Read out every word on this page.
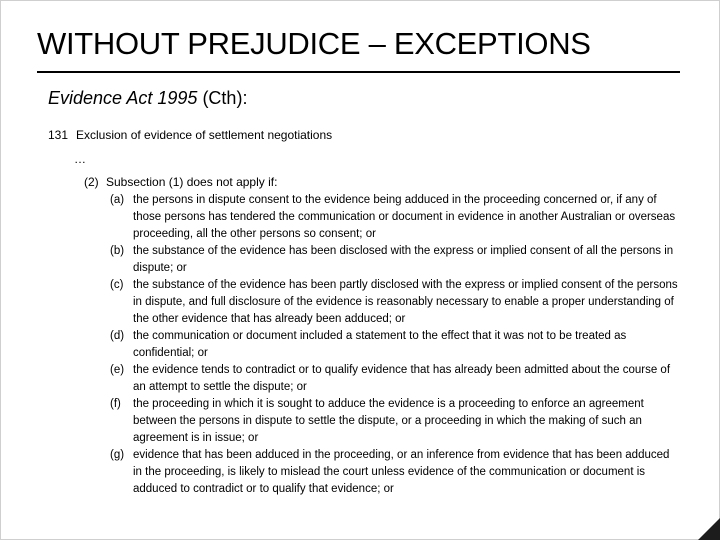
WITHOUT PREJUDICE – EXCEPTIONS
Evidence Act 1995 (Cth):
131 Exclusion of evidence of settlement negotiations
…
(2) Subsection (1) does not apply if:
(a) the persons in dispute consent to the evidence being adduced in the proceeding concerned or, if any of those persons has tendered the communication or document in evidence in another Australian or overseas proceeding, all the other persons so consent; or
(b) the substance of the evidence has been disclosed with the express or implied consent of all the persons in dispute; or
(c) the substance of the evidence has been partly disclosed with the express or implied consent of the persons in dispute, and full disclosure of the evidence is reasonably necessary to enable a proper understanding of the other evidence that has already been adduced; or
(d) the communication or document included a statement to the effect that it was not to be treated as confidential; or
(e) the evidence tends to contradict or to qualify evidence that has already been admitted about the course of an attempt to settle the dispute; or
(f)	the proceeding in which it is sought to adduce the evidence is a proceeding to enforce an agreement between the persons in dispute to settle the dispute, or a proceeding in which the making of such an agreement is in issue; or
(g) evidence that has been adduced in the proceeding, or an inference from evidence that has been adduced in the proceeding, is likely to mislead the court unless evidence of the communication or document is adduced to contradict or to qualify that evidence; or
